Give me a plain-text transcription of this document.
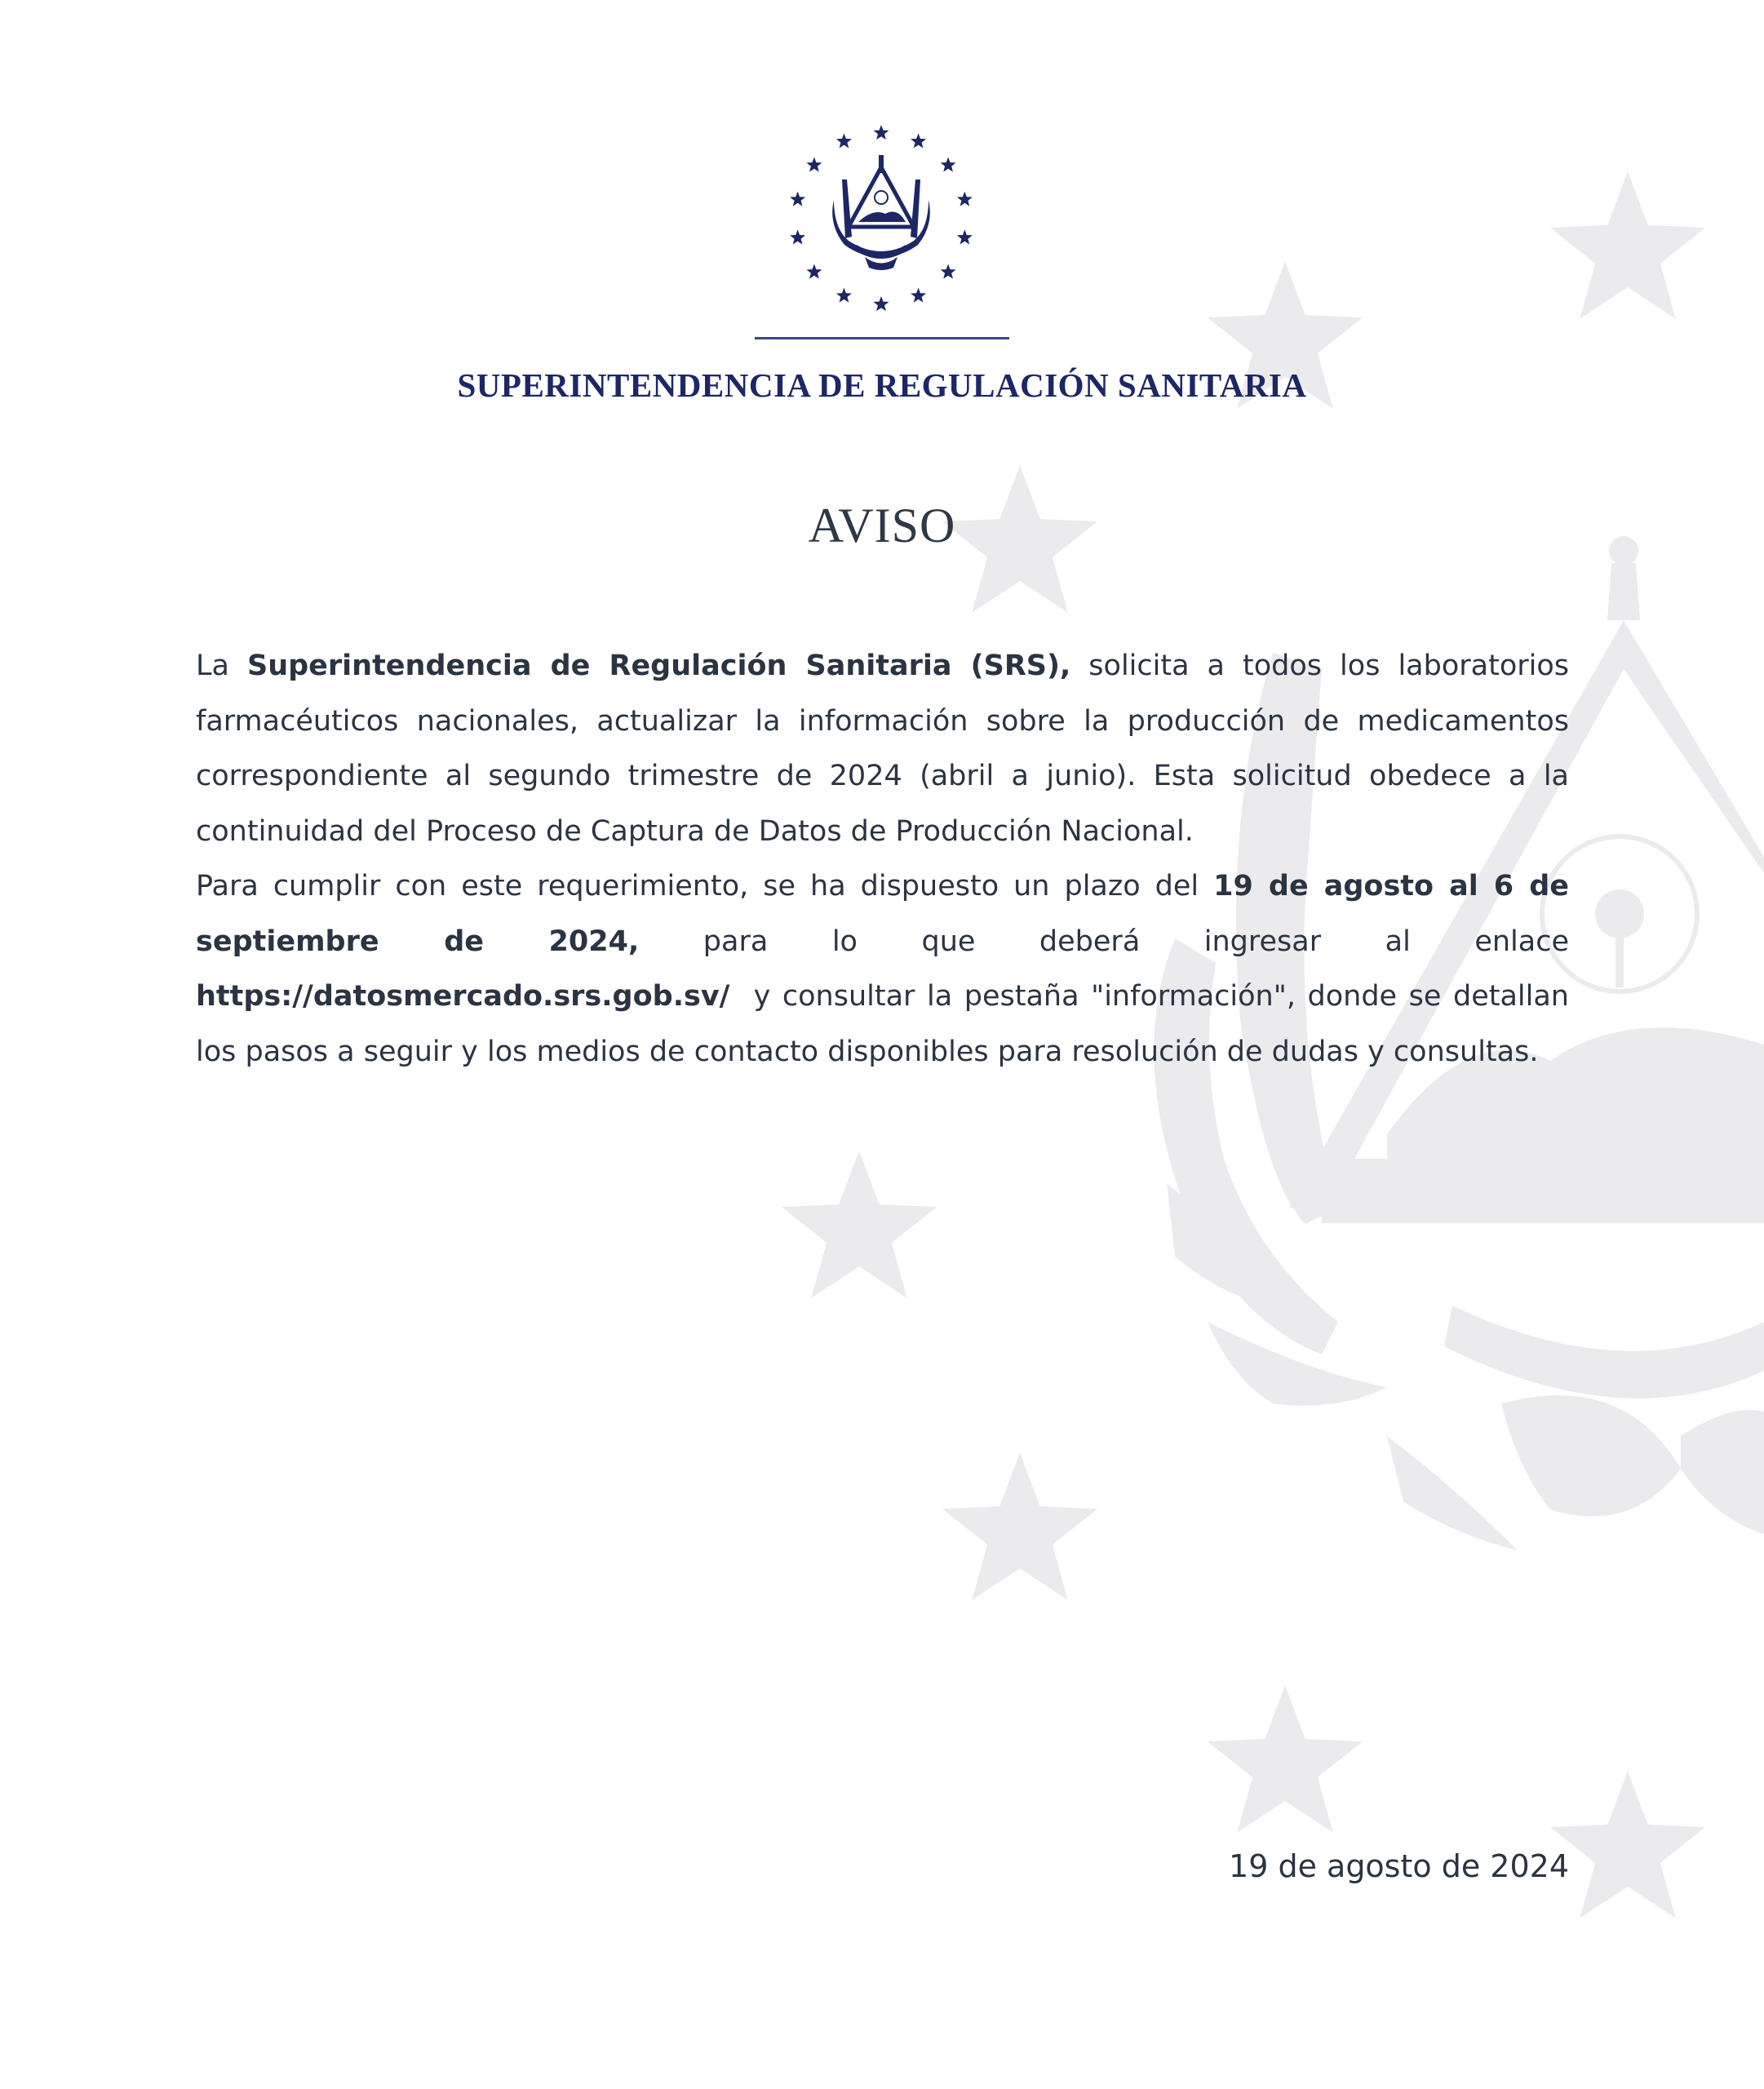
SUPERINTENDENCIA DE REGULACIÓN SANITARIA
AVISO

La Superintendencia de Regulación Sanitaria (SRS), solicita a todos los laboratorios farmacéuticos nacionales, actualizar la información sobre la producción de medicamentos correspondiente al segundo trimestre de 2024 (abril a junio). Esta solicitud obedece a la continuidad del Proceso de Captura de Datos de Producción Nacional.

Para cumplir con este requerimiento, se ha dispuesto un plazo del 19 de agosto al 6 de septiembre de 2024, para lo que deberá ingresar al enlace https://datosmercado.srs.gob.sv/  y consultar la pestaña "información", donde se detallan los pasos a seguir y los medios de contacto disponibles para resolución de dudas y consultas.

19 de agosto de 2024
